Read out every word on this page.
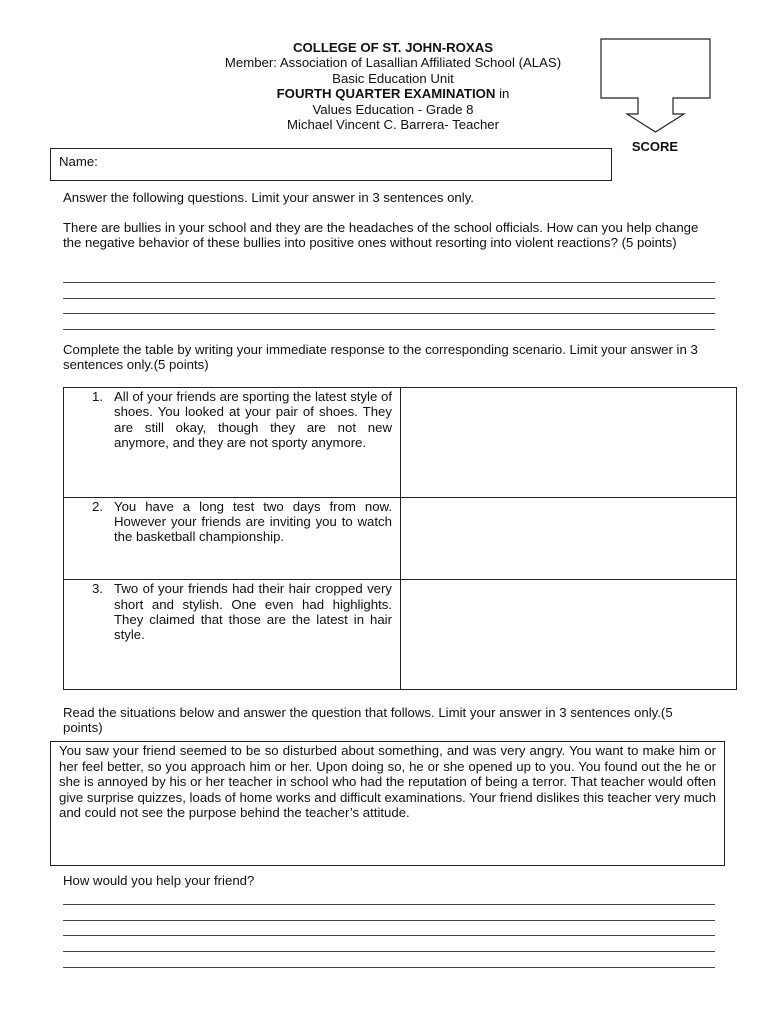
COLLEGE OF ST. JOHN-ROXAS
Member: Association of Lasallian Affiliated School (ALAS)
Basic Education Unit
FOURTH QUARTER EXAMINATION in
Values Education - Grade 8
Michael Vincent C. Barrera- Teacher
SCORE
Name:
Answer the following questions. Limit your answer in 3 sentences only.
There are bullies in your school and they are the headaches of the school officials. How can you help change the negative behavior of these bullies into positive ones without resorting into violent reactions? (5 points)
Complete the table by writing your immediate response to the corresponding scenario. Limit your answer in 3 sentences only.(5 points)
1. All of your friends are sporting the latest style of shoes. You looked at your pair of shoes. They are still okay, though they are not new anymore, and they are not sporty anymore.	

2. You have a long test two days from now. However your friends are inviting you to watch the basketball championship.	

3. Two of your friends had their hair cropped very short and stylish. One even had highlights. They claimed that those are the latest in hair style.	

Read the situations below and answer the question that follows. Limit your answer in 3 sentences only.(5 points)
You saw your friend seemed to be so disturbed about something, and was very angry. You want to make him or her feel better, so you approach him or her. Upon doing so, he or she opened up to you. You found out the he or she is annoyed by his or her teacher in school who had the reputation of being a terror. That teacher would often give surprise quizzes, loads of home works and difficult examinations. Your friend dislikes this teacher very much and could not see the purpose behind the teacher’s attitude.
How would you help your friend?
